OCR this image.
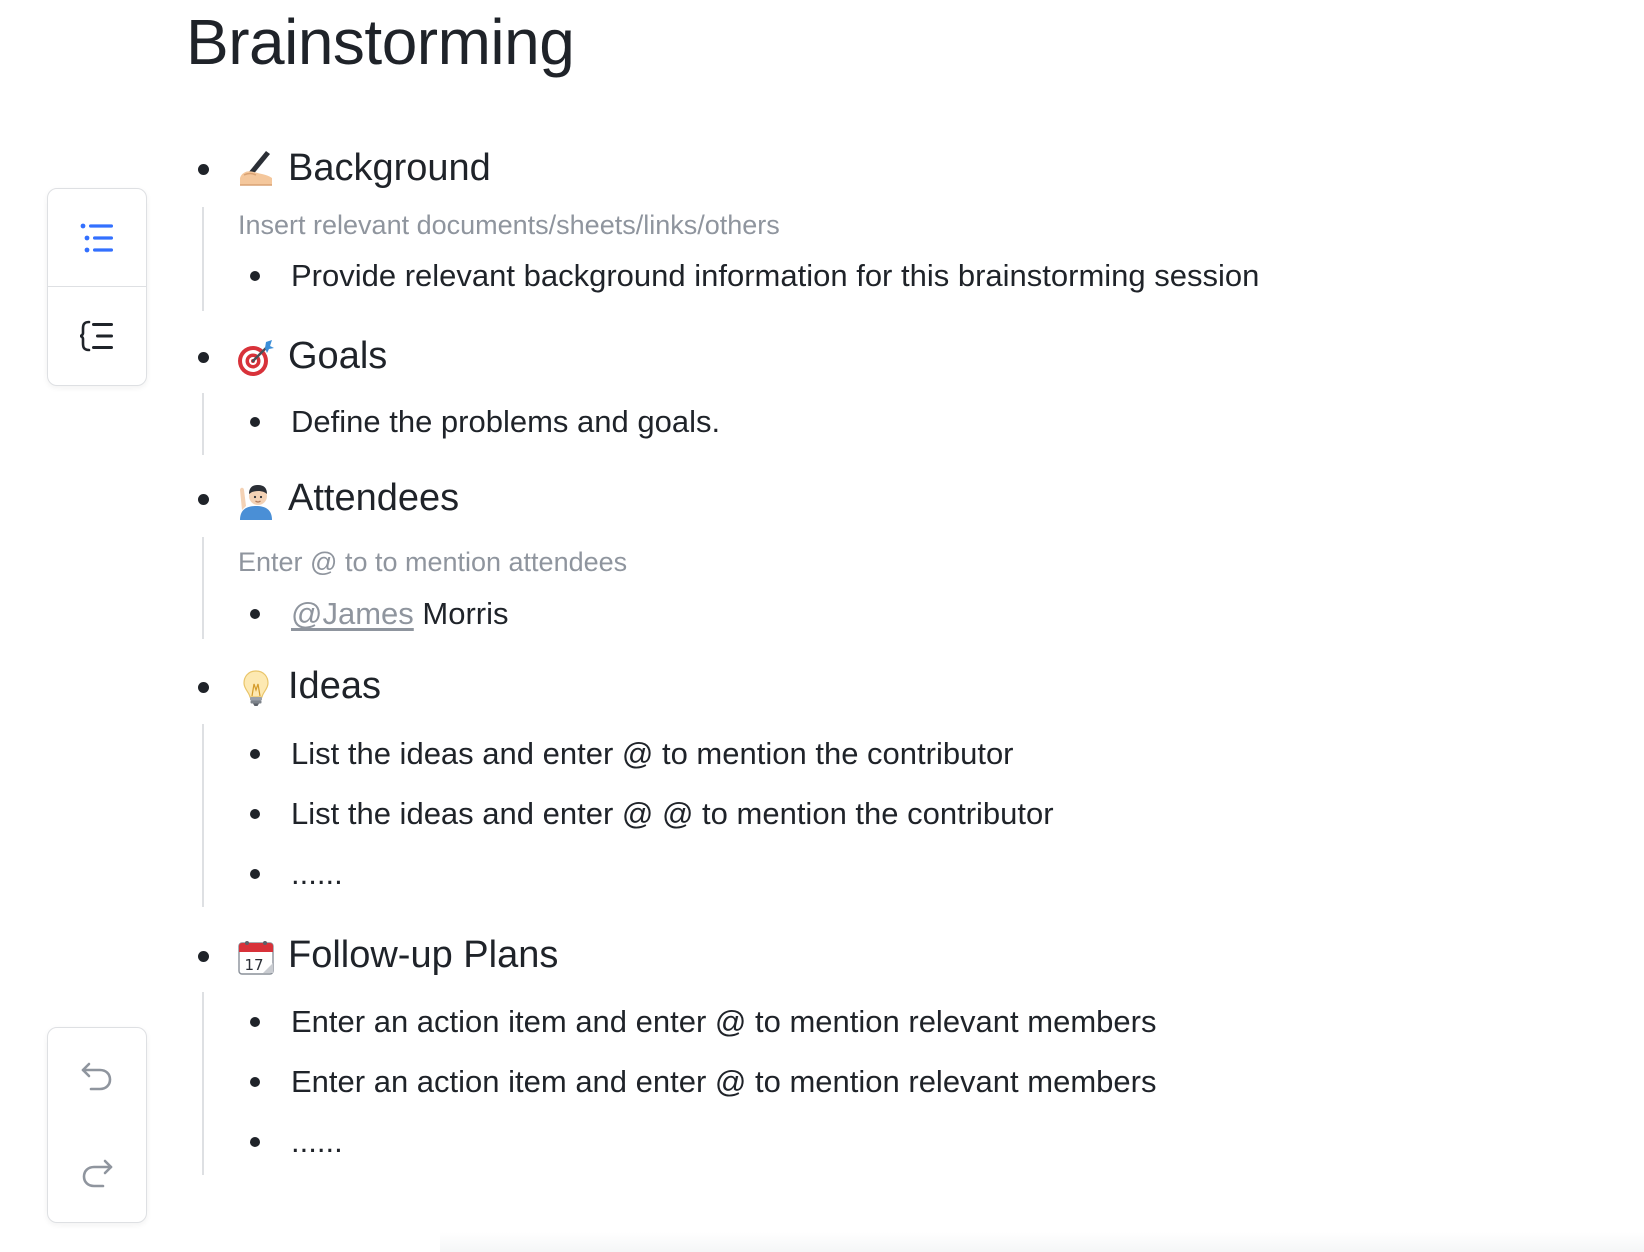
Brainstorming
Background
Insert relevant documents/sheets/links/others
Provide relevant background information for this brainstorming session
Goals
Define the problems and goals.
Attendees
Enter @ to to mention attendees
@James Morris
Ideas
List the ideas and enter @ to mention the contributor
List the ideas and enter @ @ to mention the contributor
......
17 Follow-up Plans
Enter an action item and enter @ to mention relevant members
Enter an action item and enter @ to mention relevant members
......
